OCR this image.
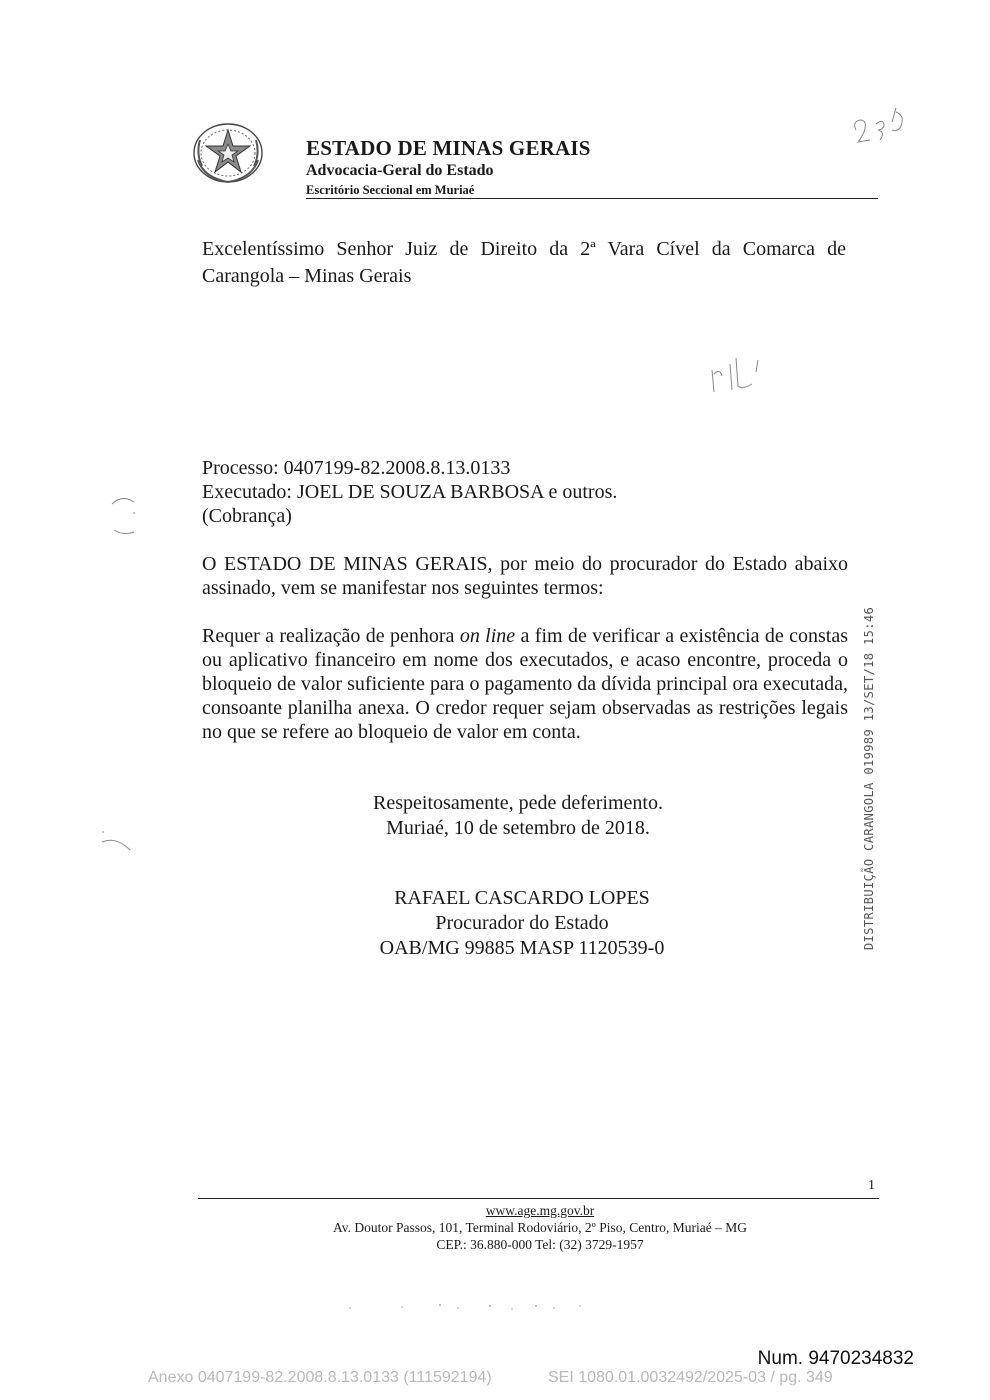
ESTADO DE MINAS GERAIS
Advocacia-Geral do Estado
Escritório Seccional em Muriaé
Excelentíssimo Senhor Juiz de Direito da 2ª Vara Cível da Comarca de
Carangola – Minas Gerais

Processo: 0407199-82.2008.8.13.0133

Executado: JOEL DE SOUZA BARBOSA e outros.

(Cobrança)

O ESTADO DE MINAS GERAIS, por meio do procurador do Estado abaixo assinado, vem se manifestar nos seguintes termos:

Requer a realização de penhora on line a fim de verificar a existência de constas ou aplicativo financeiro em nome dos executados, e acaso encontre, proceda o bloqueio de valor suficiente para o pagamento da dívida principal ora executada, consoante planilha anexa. O credor requer sejam observadas as restrições legais no que se refere ao bloqueio de valor em conta.

Respeitosamente, pede deferimento.
Muriaé, 10 de setembro de 2018.
RAFAEL CASCARDO LOPES
Procurador do Estado
OAB/MG 99885 MASP 1120539-0	DISTRIBUIÇÃO CARANGOLA 019989 13/SET/18 15:46
1
www.age.mg.gov.br
Av. Doutor Passos, 101, Terminal Rodoviário, 2º Piso, Centro, Muriaé – MG
CEP.: 36.880-000 Tel: (32) 3729-1957
Num. 9470234832
Anexo 0407199-82.2008.8.13.0133 (111592194)	SEI 1080.01.0032492/2025-03 / pg. 349
